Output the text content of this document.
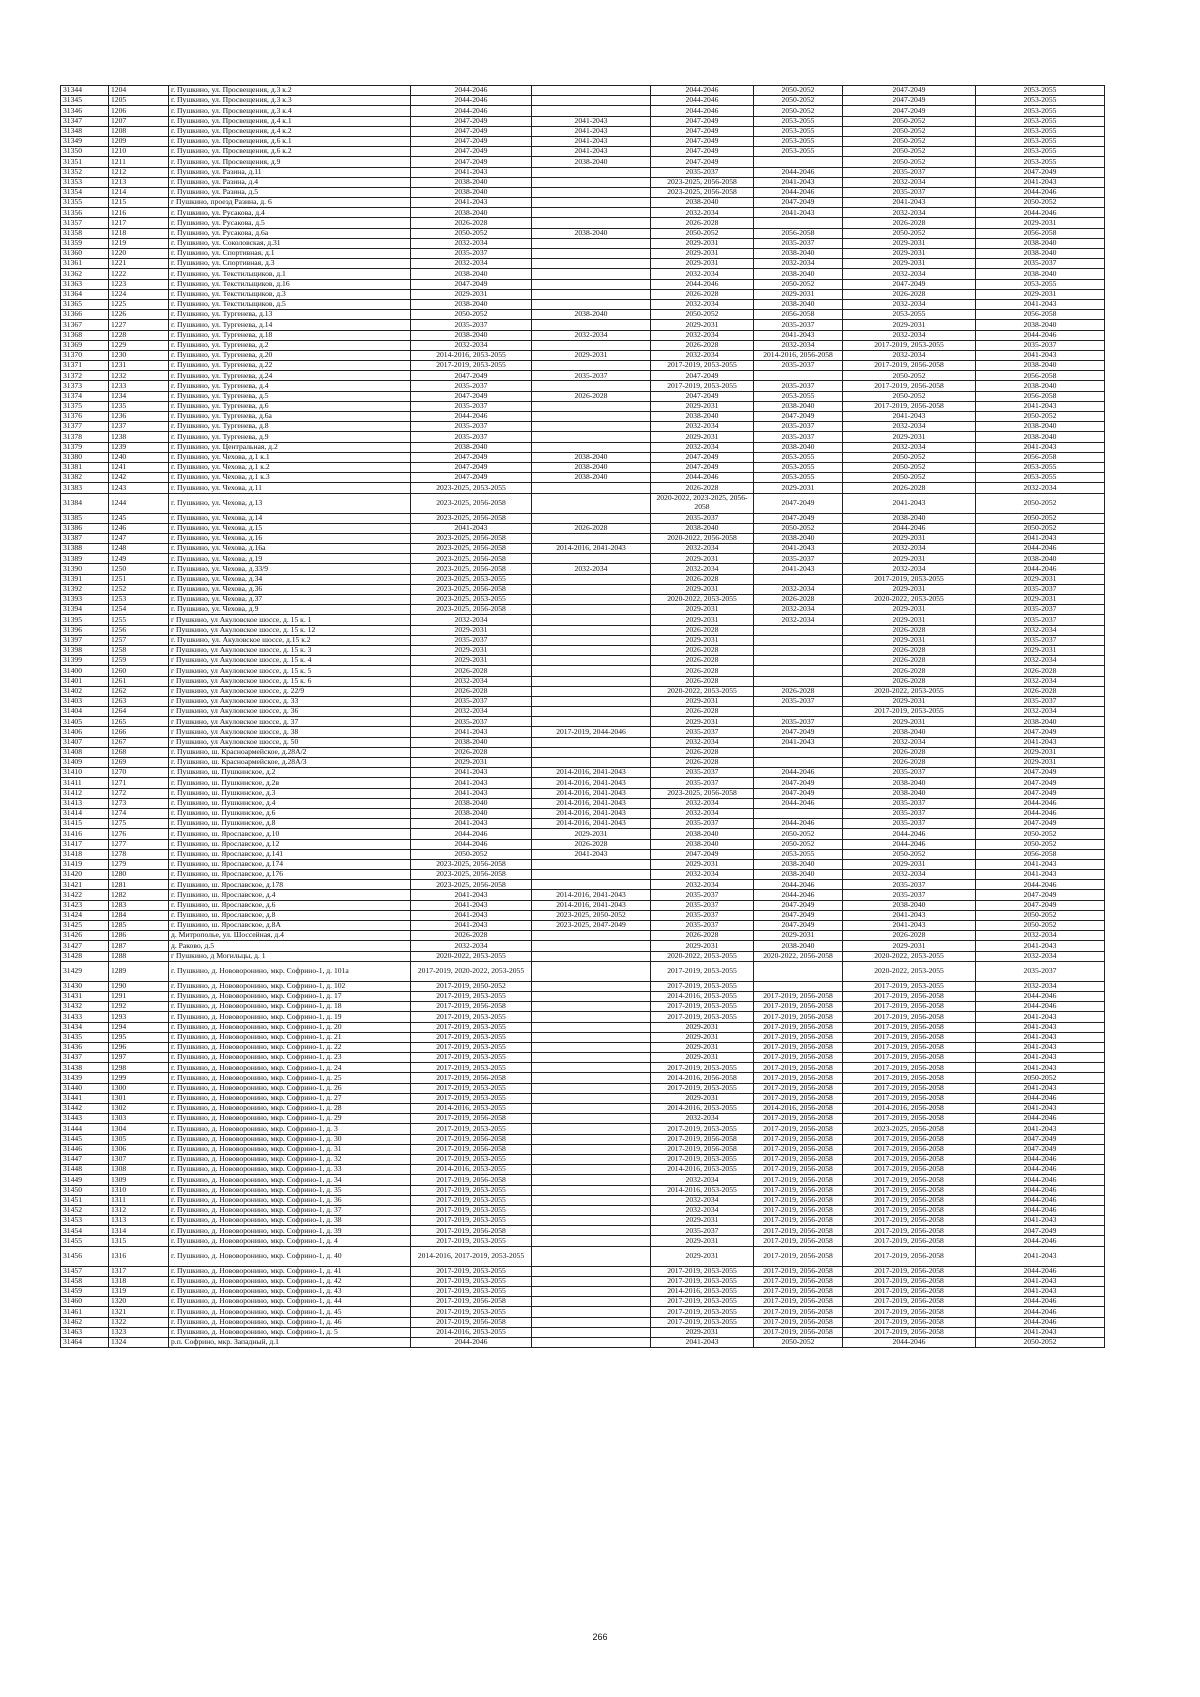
31344	1204	г. Пушкино, ул. Просвещения, д.3 к.2	2044-2046		2044-2046	2050-2052	2047-2049	2053-2055
31345	1205	г. Пушкино, ул. Просвещения, д.3 к.3	2044-2046		2044-2046	2050-2052	2047-2049	2053-2055
31346	1206	г. Пушкино, ул. Просвещения, д.3 к.4	2044-2046		2044-2046	2050-2052	2047-2049	2053-2055
31347	1207	г. Пушкино, ул. Просвещения, д.4 к.1	2047-2049	2041-2043	2047-2049	2053-2055	2050-2052	2053-2055
31348	1208	г. Пушкино, ул. Просвещения, д.4 к.2	2047-2049	2041-2043	2047-2049	2053-2055	2050-2052	2053-2055
31349	1209	г. Пушкино, ул. Просвещения, д.6 к.1	2047-2049	2041-2043	2047-2049	2053-2055	2050-2052	2053-2055
31350	1210	г. Пушкино, ул. Просвещения, д.6 к.2	2047-2049	2041-2043	2047-2049	2053-2055	2050-2052	2053-2055
31351	1211	г. Пушкино, ул. Просвещения, д.9	2047-2049	2038-2040	2047-2049		2050-2052	2053-2055
31352	1212	г. Пушкино, ул. Разина, д.11	2041-2043		2035-2037	2044-2046	2035-2037	2047-2049
31353	1213	г. Пушкино, ул. Разина, д.4	2038-2040		2023-2025, 2056-2058	2041-2043	2032-2034	2041-2043
31354	1214	г. Пушкино, ул. Разина, д.5	2038-2040		2023-2025, 2056-2058	2044-2046	2035-2037	2044-2046
31355	1215	г Пушкино, проезд Разина, д. 6	2041-2043		2038-2040	2047-2049	2041-2043	2050-2052
31356	1216	г. Пушкино, ул. Русакова, д.4	2038-2040		2032-2034	2041-2043	2032-2034	2044-2046
31357	1217	г. Пушкино, ул. Русакова, д.5	2026-2028		2026-2028		2026-2028	2029-2031
31358	1218	г. Пушкино, ул. Русакова, д.6а	2050-2052	2038-2040	2050-2052	2056-2058	2050-2052	2056-2058
31359	1219	г. Пушкино, ул. Соколовская, д.31	2032-2034		2029-2031	2035-2037	2029-2031	2038-2040
31360	1220	г. Пушкино, ул. Спортивная, д.1	2035-2037		2029-2031	2038-2040	2029-2031	2038-2040
31361	1221	г. Пушкино, ул. Спортивная, д.3	2032-2034		2029-2031	2032-2034	2029-2031	2035-2037
31362	1222	г. Пушкино, ул. Текстильщиков, д.1	2038-2040		2032-2034	2038-2040	2032-2034	2038-2040
31363	1223	г. Пушкино, ул. Текстильщиков, д.16	2047-2049		2044-2046	2050-2052	2047-2049	2053-2055
31364	1224	г. Пушкино, ул. Текстильщиков, д.3	2029-2031		2026-2028	2029-2031	2026-2028	2029-2031
31365	1225	г. Пушкино, ул. Текстильщиков, д.5	2038-2040		2032-2034	2038-2040	2032-2034	2041-2043
31366	1226	г. Пушкино, ул. Тургенева, д.13	2050-2052	2038-2040	2050-2052	2056-2058	2053-2055	2056-2058
31367	1227	г. Пушкино, ул. Тургенева, д.14	2035-2037		2029-2031	2035-2037	2029-2031	2038-2040
31368	1228	г. Пушкино, ул. Тургенева, д.18	2038-2040	2032-2034	2032-2034	2041-2043	2032-2034	2044-2046
31369	1229	г. Пушкино, ул. Тургенева, д.2	2032-2034		2026-2028	2032-2034	2017-2019, 2053-2055	2035-2037
31370	1230	г. Пушкино, ул. Тургенева, д.20	2014-2016, 2053-2055	2029-2031	2032-2034	2014-2016, 2056-2058	2032-2034	2041-2043
31371	1231	г. Пушкино, ул. Тургенева, д.22	2017-2019, 2053-2055		2017-2019, 2053-2055	2035-2037	2017-2019, 2056-2058	2038-2040
31372	1232	г. Пушкино, ул. Тургенева, д.24	2047-2049	2035-2037	2047-2049		2050-2052	2056-2058
31373	1233	г. Пушкино, ул. Тургенева, д.4	2035-2037		2017-2019, 2053-2055	2035-2037	2017-2019, 2056-2058	2038-2040
31374	1234	г. Пушкино, ул. Тургенева, д.5	2047-2049	2026-2028	2047-2049	2053-2055	2050-2052	2056-2058
31375	1235	г. Пушкино, ул. Тургенева, д.6	2035-2037		2029-2031	2038-2040	2017-2019, 2056-2058	2041-2043
31376	1236	г. Пушкино, ул. Тургенева, д.6а	2044-2046		2038-2040	2047-2049	2041-2043	2050-2052
31377	1237	г. Пушкино, ул. Тургенева, д.8	2035-2037		2032-2034	2035-2037	2032-2034	2038-2040
31378	1238	г. Пушкино, ул. Тургенева, д.9	2035-2037		2029-2031	2035-2037	2029-2031	2038-2040
31379	1239	г. Пушкино, ул. Центральная, д.2	2038-2040		2032-2034	2038-2040	2032-2034	2041-2043
31380	1240	г. Пушкино, ул. Чехова, д.1 к.1	2047-2049	2038-2040	2047-2049	2053-2055	2050-2052	2056-2058
31381	1241	г. Пушкино, ул. Чехова, д.1 к.2	2047-2049	2038-2040	2047-2049	2053-2055	2050-2052	2053-2055
31382	1242	г. Пушкино, ул. Чехова, д.1 к.3	2047-2049	2038-2040	2044-2046	2053-2055	2050-2052	2053-2055
31383	1243	г. Пушкино, ул. Чехова, д.11	2023-2025, 2053-2055		2026-2028	2029-2031	2026-2028	2032-2034
31384	1244	г. Пушкино, ул. Чехова, д.13	2023-2025, 2056-2058		2020-2022, 2023-2025, 2056-2058	2047-2049	2041-2043	2050-2052
31385	1245	г. Пушкино, ул. Чехова, д.14	2023-2025, 2056-2058		2035-2037	2047-2049	2038-2040	2050-2052
31386	1246	г. Пушкино, ул. Чехова, д.15	2041-2043	2026-2028	2038-2040	2050-2052	2044-2046	2050-2052
31387	1247	г. Пушкино, ул. Чехова, д.16	2023-2025, 2056-2058		2020-2022, 2056-2058	2038-2040	2029-2031	2041-2043
31388	1248	г. Пушкино, ул. Чехова, д.16а	2023-2025, 2056-2058	2014-2016, 2041-2043	2032-2034	2041-2043	2032-2034	2044-2046
31389	1249	г. Пушкино, ул. Чехова, д.19	2023-2025, 2056-2058		2029-2031	2035-2037	2029-2031	2038-2040
31390	1250	г. Пушкино, ул. Чехова, д.33/9	2023-2025, 2056-2058	2032-2034	2032-2034	2041-2043	2032-2034	2044-2046
31391	1251	г. Пушкино, ул. Чехова, д.34	2023-2025, 2053-2055		2026-2028		2017-2019, 2053-2055	2029-2031
31392	1252	г. Пушкино, ул. Чехова, д.36	2023-2025, 2056-2058		2029-2031	2032-2034	2029-2031	2035-2037
31393	1253	г. Пушкино, ул. Чехова, д.37	2023-2025, 2053-2055		2020-2022, 2053-2055	2026-2028	2020-2022, 2053-2055	2029-2031
31394	1254	г. Пушкино, ул. Чехова, д.9	2023-2025, 2056-2058		2029-2031	2032-2034	2029-2031	2035-2037
31395	1255	г Пушкино, ул Акуловское шоссе, д. 15 к. 1	2032-2034		2029-2031	2032-2034	2029-2031	2035-2037
31396	1256	г Пушкино, ул Акуловское шоссе, д. 15 к. 12	2029-2031		2026-2028		2026-2028	2032-2034
31397	1257	г. Пушкино, ул. Акуловское шоссе, д.15 к.2	2035-2037		2029-2031		2029-2031	2035-2037
31398	1258	г Пушкино, ул Акуловское шоссе, д. 15 к. 3	2029-2031		2026-2028		2026-2028	2029-2031
31399	1259	г Пушкино, ул Акуловское шоссе, д. 15 к. 4	2029-2031		2026-2028		2026-2028	2032-2034
31400	1260	г Пушкино, ул Акуловское шоссе, д. 15 к. 5	2026-2028		2026-2028		2026-2028	2026-2028
31401	1261	г Пушкино, ул Акуловское шоссе, д. 15 к. 6	2032-2034		2026-2028		2026-2028	2032-2034
31402	1262	г Пушкино, ул Акуловское шоссе, д. 22/9	2026-2028		2020-2022, 2053-2055	2026-2028	2020-2022, 2053-2055	2026-2028
31403	1263	г Пушкино, ул Акуловское шоссе, д. 33	2035-2037		2029-2031	2035-2037	2029-2031	2035-2037
31404	1264	г Пушкино, ул Акуловское шоссе, д. 36	2032-2034		2026-2028		2017-2019, 2053-2055	2032-2034
31405	1265	г Пушкино, ул Акуловское шоссе, д. 37	2035-2037		2029-2031	2035-2037	2029-2031	2038-2040
31406	1266	г Пушкино, ул Акуловское шоссе, д. 38	2041-2043	2017-2019, 2044-2046	2035-2037	2047-2049	2038-2040	2047-2049
31407	1267	г Пушкино, ул Акуловское шоссе, д. 50	2038-2040		2032-2034	2041-2043	2032-2034	2041-2043
31408	1268	г. Пушкино, ш. Красноармейское, д.28А/2	2026-2028		2026-2028		2026-2028	2029-2031
31409	1269	г. Пушкино, ш. Красноармейское, д.28А/3	2029-2031		2026-2028		2026-2028	2029-2031
31410	1270	г. Пушкино, ш. Пушкинское, д.2	2041-2043	2014-2016, 2041-2043	2035-2037	2044-2046	2035-2037	2047-2049
31411	1271	г. Пушкино, ш. Пушкинское, д.2в	2041-2043	2014-2016, 2041-2043	2035-2037	2047-2049	2038-2040	2047-2049
31412	1272	г. Пушкино, ш. Пушкинское, д.3	2041-2043	2014-2016, 2041-2043	2023-2025, 2056-2058	2047-2049	2038-2040	2047-2049
31413	1273	г. Пушкино, ш. Пушкинское, д.4	2038-2040	2014-2016, 2041-2043	2032-2034	2044-2046	2035-2037	2044-2046
31414	1274	г. Пушкино, ш. Пушкинское, д.6	2038-2040	2014-2016, 2041-2043	2032-2034		2035-2037	2044-2046
31415	1275	г. Пушкино, ш. Пушкинское, д.8	2041-2043	2014-2016, 2041-2043	2035-2037	2044-2046	2035-2037	2047-2049
31416	1276	г. Пушкино, ш. Ярославское, д.10	2044-2046	2029-2031	2038-2040	2050-2052	2044-2046	2050-2052
31417	1277	г. Пушкино, ш. Ярославское, д.12	2044-2046	2026-2028	2038-2040	2050-2052	2044-2046	2050-2052
31418	1278	г. Пушкино, ш. Ярославское, д.141	2050-2052	2041-2043	2047-2049	2053-2055	2050-2052	2056-2058
31419	1279	г. Пушкино, ш. Ярославское, д.174	2023-2025, 2056-2058		2029-2031	2038-2040	2029-2031	2041-2043
31420	1280	г. Пушкино, ш. Ярославское, д.176	2023-2025, 2056-2058		2032-2034	2038-2040	2032-2034	2041-2043
31421	1281	г. Пушкино, ш. Ярославское, д.178	2023-2025, 2056-2058		2032-2034	2044-2046	2035-2037	2044-2046
31422	1282	г. Пушкино, ш. Ярославское, д.4	2041-2043	2014-2016, 2041-2043	2035-2037	2044-2046	2035-2037	2047-2049
31423	1283	г. Пушкино, ш. Ярославское, д.6	2041-2043	2014-2016, 2041-2043	2035-2037	2047-2049	2038-2040	2047-2049
31424	1284	г. Пушкино, ш. Ярославское, д.8	2041-2043	2023-2025, 2050-2052	2035-2037	2047-2049	2041-2043	2050-2052
31425	1285	г. Пушкино, ш. Ярославское, д.8А	2041-2043	2023-2025, 2047-2049	2035-2037	2047-2049	2041-2043	2050-2052
31426	1286	д. Митрополье, ул. Шоссейная, д.4	2026-2028		2026-2028	2029-2031	2026-2028	2032-2034
31427	1287	д. Раково, д.5	2032-2034		2029-2031	2038-2040	2029-2031	2041-2043
31428	1288	г Пушкино, д Могильцы, д. 1	2020-2022, 2053-2055		2020-2022, 2053-2055	2020-2022, 2056-2058	2020-2022, 2053-2055	2032-2034
31429	1289	г. Пушкино, д. Нововоронино, мкр. Софрино-1, д. 101а	2017-2019, 2020-2022, 2053-2055		2017-2019, 2053-2055		2020-2022, 2053-2055	2035-2037
31430	1290	г. Пушкино, д. Нововоронино, мкр. Софрино-1, д. 102	2017-2019, 2050-2052		2017-2019, 2053-2055		2017-2019, 2053-2055	2032-2034
31431	1291	г. Пушкино, д. Нововоронино, мкр. Софрино-1, д. 17	2017-2019, 2053-2055		2014-2016, 2053-2055	2017-2019, 2056-2058	2017-2019, 2056-2058	2044-2046
31432	1292	г. Пушкино, д. Нововоронино, мкр. Софрино-1, д. 18	2017-2019, 2056-2058		2017-2019, 2053-2055	2017-2019, 2056-2058	2017-2019, 2056-2058	2044-2046
31433	1293	г. Пушкино, д. Нововоронино, мкр. Софрино-1, д. 19	2017-2019, 2053-2055		2017-2019, 2053-2055	2017-2019, 2056-2058	2017-2019, 2056-2058	2041-2043
31434	1294	г. Пушкино, д. Нововоронино, мкр. Софрино-1, д. 20	2017-2019, 2053-2055		2029-2031	2017-2019, 2056-2058	2017-2019, 2056-2058	2041-2043
31435	1295	г. Пушкино, д. Нововоронино, мкр. Софрино-1, д. 21	2017-2019, 2053-2055		2029-2031	2017-2019, 2056-2058	2017-2019, 2056-2058	2041-2043
31436	1296	г. Пушкино, д. Нововоронино, мкр. Софрино-1, д. 22	2017-2019, 2053-2055		2029-2031	2017-2019, 2056-2058	2017-2019, 2056-2058	2041-2043
31437	1297	г. Пушкино, д. Нововоронино, мкр. Софрино-1, д. 23	2017-2019, 2053-2055		2029-2031	2017-2019, 2056-2058	2017-2019, 2056-2058	2041-2043
31438	1298	г. Пушкино, д. Нововоронино, мкр. Софрино-1, д. 24	2017-2019, 2053-2055		2017-2019, 2053-2055	2017-2019, 2056-2058	2017-2019, 2056-2058	2041-2043
31439	1299	г. Пушкино, д. Нововоронино, мкр. Софрино-1, д. 25	2017-2019, 2056-2058		2014-2016, 2056-2058	2017-2019, 2056-2058	2017-2019, 2056-2058	2050-2052
31440	1300	г. Пушкино, д. Нововоронино, мкр. Софрино-1, д. 26	2017-2019, 2053-2055		2017-2019, 2053-2055	2017-2019, 2056-2058	2017-2019, 2056-2058	2041-2043
31441	1301	г. Пушкино, д. Нововоронино, мкр. Софрино-1, д. 27	2017-2019, 2053-2055		2029-2031	2017-2019, 2056-2058	2017-2019, 2056-2058	2044-2046
31442	1302	г. Пушкино, д. Нововоронино, мкр. Софрино-1, д. 28	2014-2016, 2053-2055		2014-2016, 2053-2055	2014-2016, 2056-2058	2014-2016, 2056-2058	2041-2043
31443	1303	г. Пушкино, д. Нововоронино, мкр. Софрино-1, д. 29	2017-2019, 2056-2058		2032-2034	2017-2019, 2056-2058	2017-2019, 2056-2058	2044-2046
31444	1304	г. Пушкино, д. Нововоронино, мкр. Софрино-1, д. 3	2017-2019, 2053-2055		2017-2019, 2053-2055	2017-2019, 2056-2058	2023-2025, 2056-2058	2041-2043
31445	1305	г. Пушкино, д. Нововоронино, мкр. Софрино-1, д. 30	2017-2019, 2056-2058		2017-2019, 2056-2058	2017-2019, 2056-2058	2017-2019, 2056-2058	2047-2049
31446	1306	г. Пушкино, д. Нововоронино, мкр. Софрино-1, д. 31	2017-2019, 2056-2058		2017-2019, 2056-2058	2017-2019, 2056-2058	2017-2019, 2056-2058	2047-2049
31447	1307	г. Пушкино, д. Нововоронино, мкр. Софрино-1, д. 32	2017-2019, 2053-2055		2017-2019, 2053-2055	2017-2019, 2056-2058	2017-2019, 2056-2058	2044-2046
31448	1308	г. Пушкино, д. Нововоронино, мкр. Софрино-1, д. 33	2014-2016, 2053-2055		2014-2016, 2053-2055	2017-2019, 2056-2058	2017-2019, 2056-2058	2044-2046
31449	1309	г. Пушкино, д. Нововоронино, мкр. Софрино-1, д. 34	2017-2019, 2056-2058		2032-2034	2017-2019, 2056-2058	2017-2019, 2056-2058	2044-2046
31450	1310	г. Пушкино, д. Нововоронино, мкр. Софрино-1, д. 35	2017-2019, 2053-2055		2014-2016, 2053-2055	2017-2019, 2056-2058	2017-2019, 2056-2058	2044-2046
31451	1311	г. Пушкино, д. Нововоронино, мкр. Софрино-1, д. 36	2017-2019, 2053-2055		2032-2034	2017-2019, 2056-2058	2017-2019, 2056-2058	2044-2046
31452	1312	г. Пушкино, д. Нововоронино, мкр. Софрино-1, д. 37	2017-2019, 2053-2055		2032-2034	2017-2019, 2056-2058	2017-2019, 2056-2058	2044-2046
31453	1313	г. Пушкино, д. Нововоронино, мкр. Софрино-1, д. 38	2017-2019, 2053-2055		2029-2031	2017-2019, 2056-2058	2017-2019, 2056-2058	2041-2043
31454	1314	г. Пушкино, д. Нововоронино, мкр. Софрино-1, д. 39	2017-2019, 2056-2058		2035-2037	2017-2019, 2056-2058	2017-2019, 2056-2058	2047-2049
31455	1315	г. Пушкино, д. Нововоронино, мкр. Софрино-1, д. 4	2017-2019, 2053-2055		2029-2031	2017-2019, 2056-2058	2017-2019, 2056-2058	2044-2046
31456	1316	г. Пушкино, д. Нововоронино, мкр. Софрино-1, д. 40	2014-2016, 2017-2019, 2053-2055		2029-2031	2017-2019, 2056-2058	2017-2019, 2056-2058	2041-2043
31457	1317	г. Пушкино, д. Нововоронино, мкр. Софрино-1, д. 41	2017-2019, 2053-2055		2017-2019, 2053-2055	2017-2019, 2056-2058	2017-2019, 2056-2058	2044-2046
31458	1318	г. Пушкино, д. Нововоронино, мкр. Софрино-1, д. 42	2017-2019, 2053-2055		2017-2019, 2053-2055	2017-2019, 2056-2058	2017-2019, 2056-2058	2041-2043
31459	1319	г. Пушкино, д. Нововоронино, мкр. Софрино-1, д. 43	2017-2019, 2053-2055		2014-2016, 2053-2055	2017-2019, 2056-2058	2017-2019, 2056-2058	2041-2043
31460	1320	г. Пушкино, д. Нововоронино, мкр. Софрино-1, д. 44	2017-2019, 2056-2058		2017-2019, 2053-2055	2017-2019, 2056-2058	2017-2019, 2056-2058	2044-2046
31461	1321	г. Пушкино, д. Нововоронино, мкр. Софрино-1, д. 45	2017-2019, 2053-2055		2017-2019, 2053-2055	2017-2019, 2056-2058	2017-2019, 2056-2058	2044-2046
31462	1322	г. Пушкино, д. Нововоронино, мкр. Софрино-1, д. 46	2017-2019, 2056-2058		2017-2019, 2053-2055	2017-2019, 2056-2058	2017-2019, 2056-2058	2044-2046
31463	1323	г. Пушкино, д. Нововоронино, мкр. Софрино-1, д. 5	2014-2016, 2053-2055		2029-2031	2017-2019, 2056-2058	2017-2019, 2056-2058	2041-2043
31464	1324	р.п. Софрино, мкр. Западный, д.1	2044-2046		2041-2043	2050-2052	2044-2046	2050-2052
266
